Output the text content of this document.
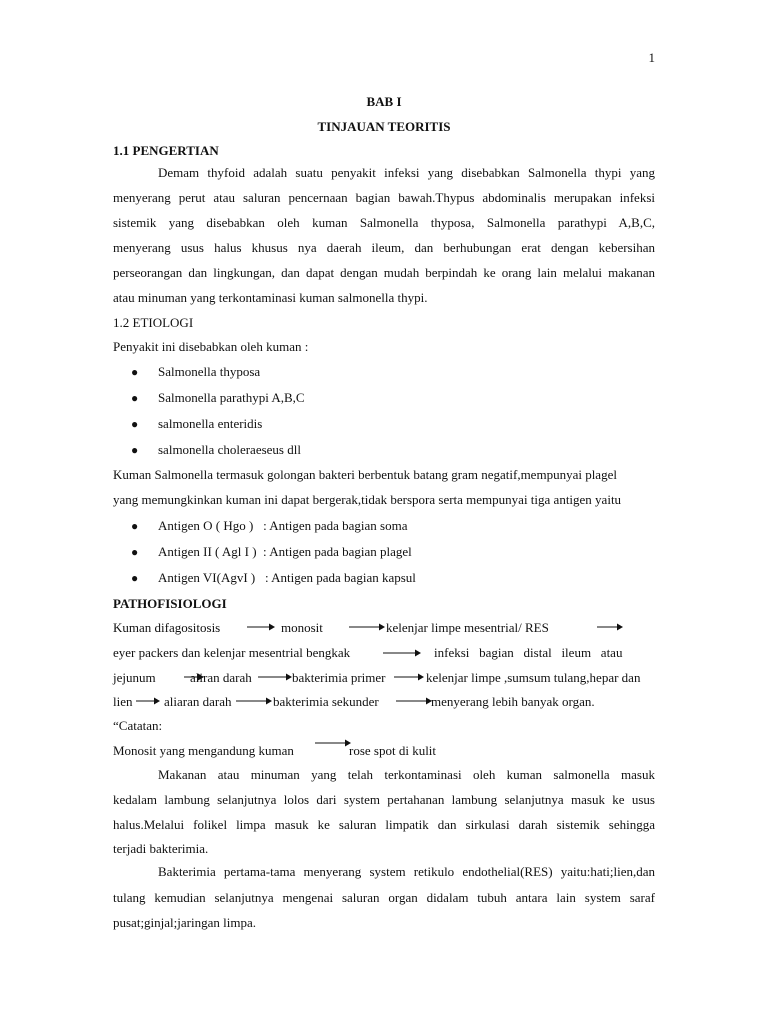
1
BAB I
TINJAUAN TEORITIS
1.1 PENGERTIAN
Demam thyfoid adalah suatu penyakit infeksi yang disebabkan Salmonella thypi yang
menyerang perut atau saluran pencernaan bagian bawah.Thypus abdominalis merupakan infeksi
sistemik yang disebabkan oleh kuman Salmonella thyposa, Salmonella parathypi A,B,C,
menyerang usus halus khusus nya daerah ileum, dan berhubungan erat dengan kebersihan
perseorangan dan lingkungan, dan dapat dengan mudah berpindah ke orang lain melalui makanan
atau minuman yang terkontaminasi kuman salmonella thypi.
1.2 ETIOLOGI
Penyakit ini disebabkan oleh kuman :
● Salmonella thyposa
● Salmonella parathypi A,B,C
● salmonella enteridis
● salmonella choleraeseus dll
Kuman Salmonella termasuk golongan bakteri berbentuk batang gram negatif,mempunyai plagel
yang memungkinkan kuman ini dapat bergerak,tidak berspora serta mempunyai tiga antigen yaitu
● Antigen O ( Hgo )   : Antigen pada bagian soma
● Antigen II ( Agl I )  : Antigen pada bagian plagel
● Antigen VI(AgvI )   : Antigen pada bagian kapsul
PATHOFISIOLOGI
Kuman difagositosis	monosit	kelenjar limpe mesentrial/ RES
eyer packers dan kelenjar mesentrial bengkak	infeksi   bagian   distal   ileum   atau
jejunum	aliran darah	bakterimia primer	kelenjar limpe ,sumsum tulang,hepar dan
lien aliaran darah	bakterimia sekunder	menyerang lebih banyak organ.
“Catatan:
Monosit yang mengandung kuman	rose spot di kulit
Makanan atau minuman yang telah terkontaminasi oleh kuman salmonella masuk
kedalam lambung selanjutnya lolos dari system pertahanan lambung selanjutnya masuk ke usus
halus.Melalui folikel limpa masuk ke saluran limpatik dan sirkulasi darah sistemik sehingga
terjadi bakterimia.
Bakterimia pertama-tama menyerang system retikulo endothelial(RES) yaitu:hati;lien,dan
tulang kemudian selanjutnya mengenai saluran organ didalam tubuh antara lain system saraf
pusat;ginjal;jaringan limpa.
